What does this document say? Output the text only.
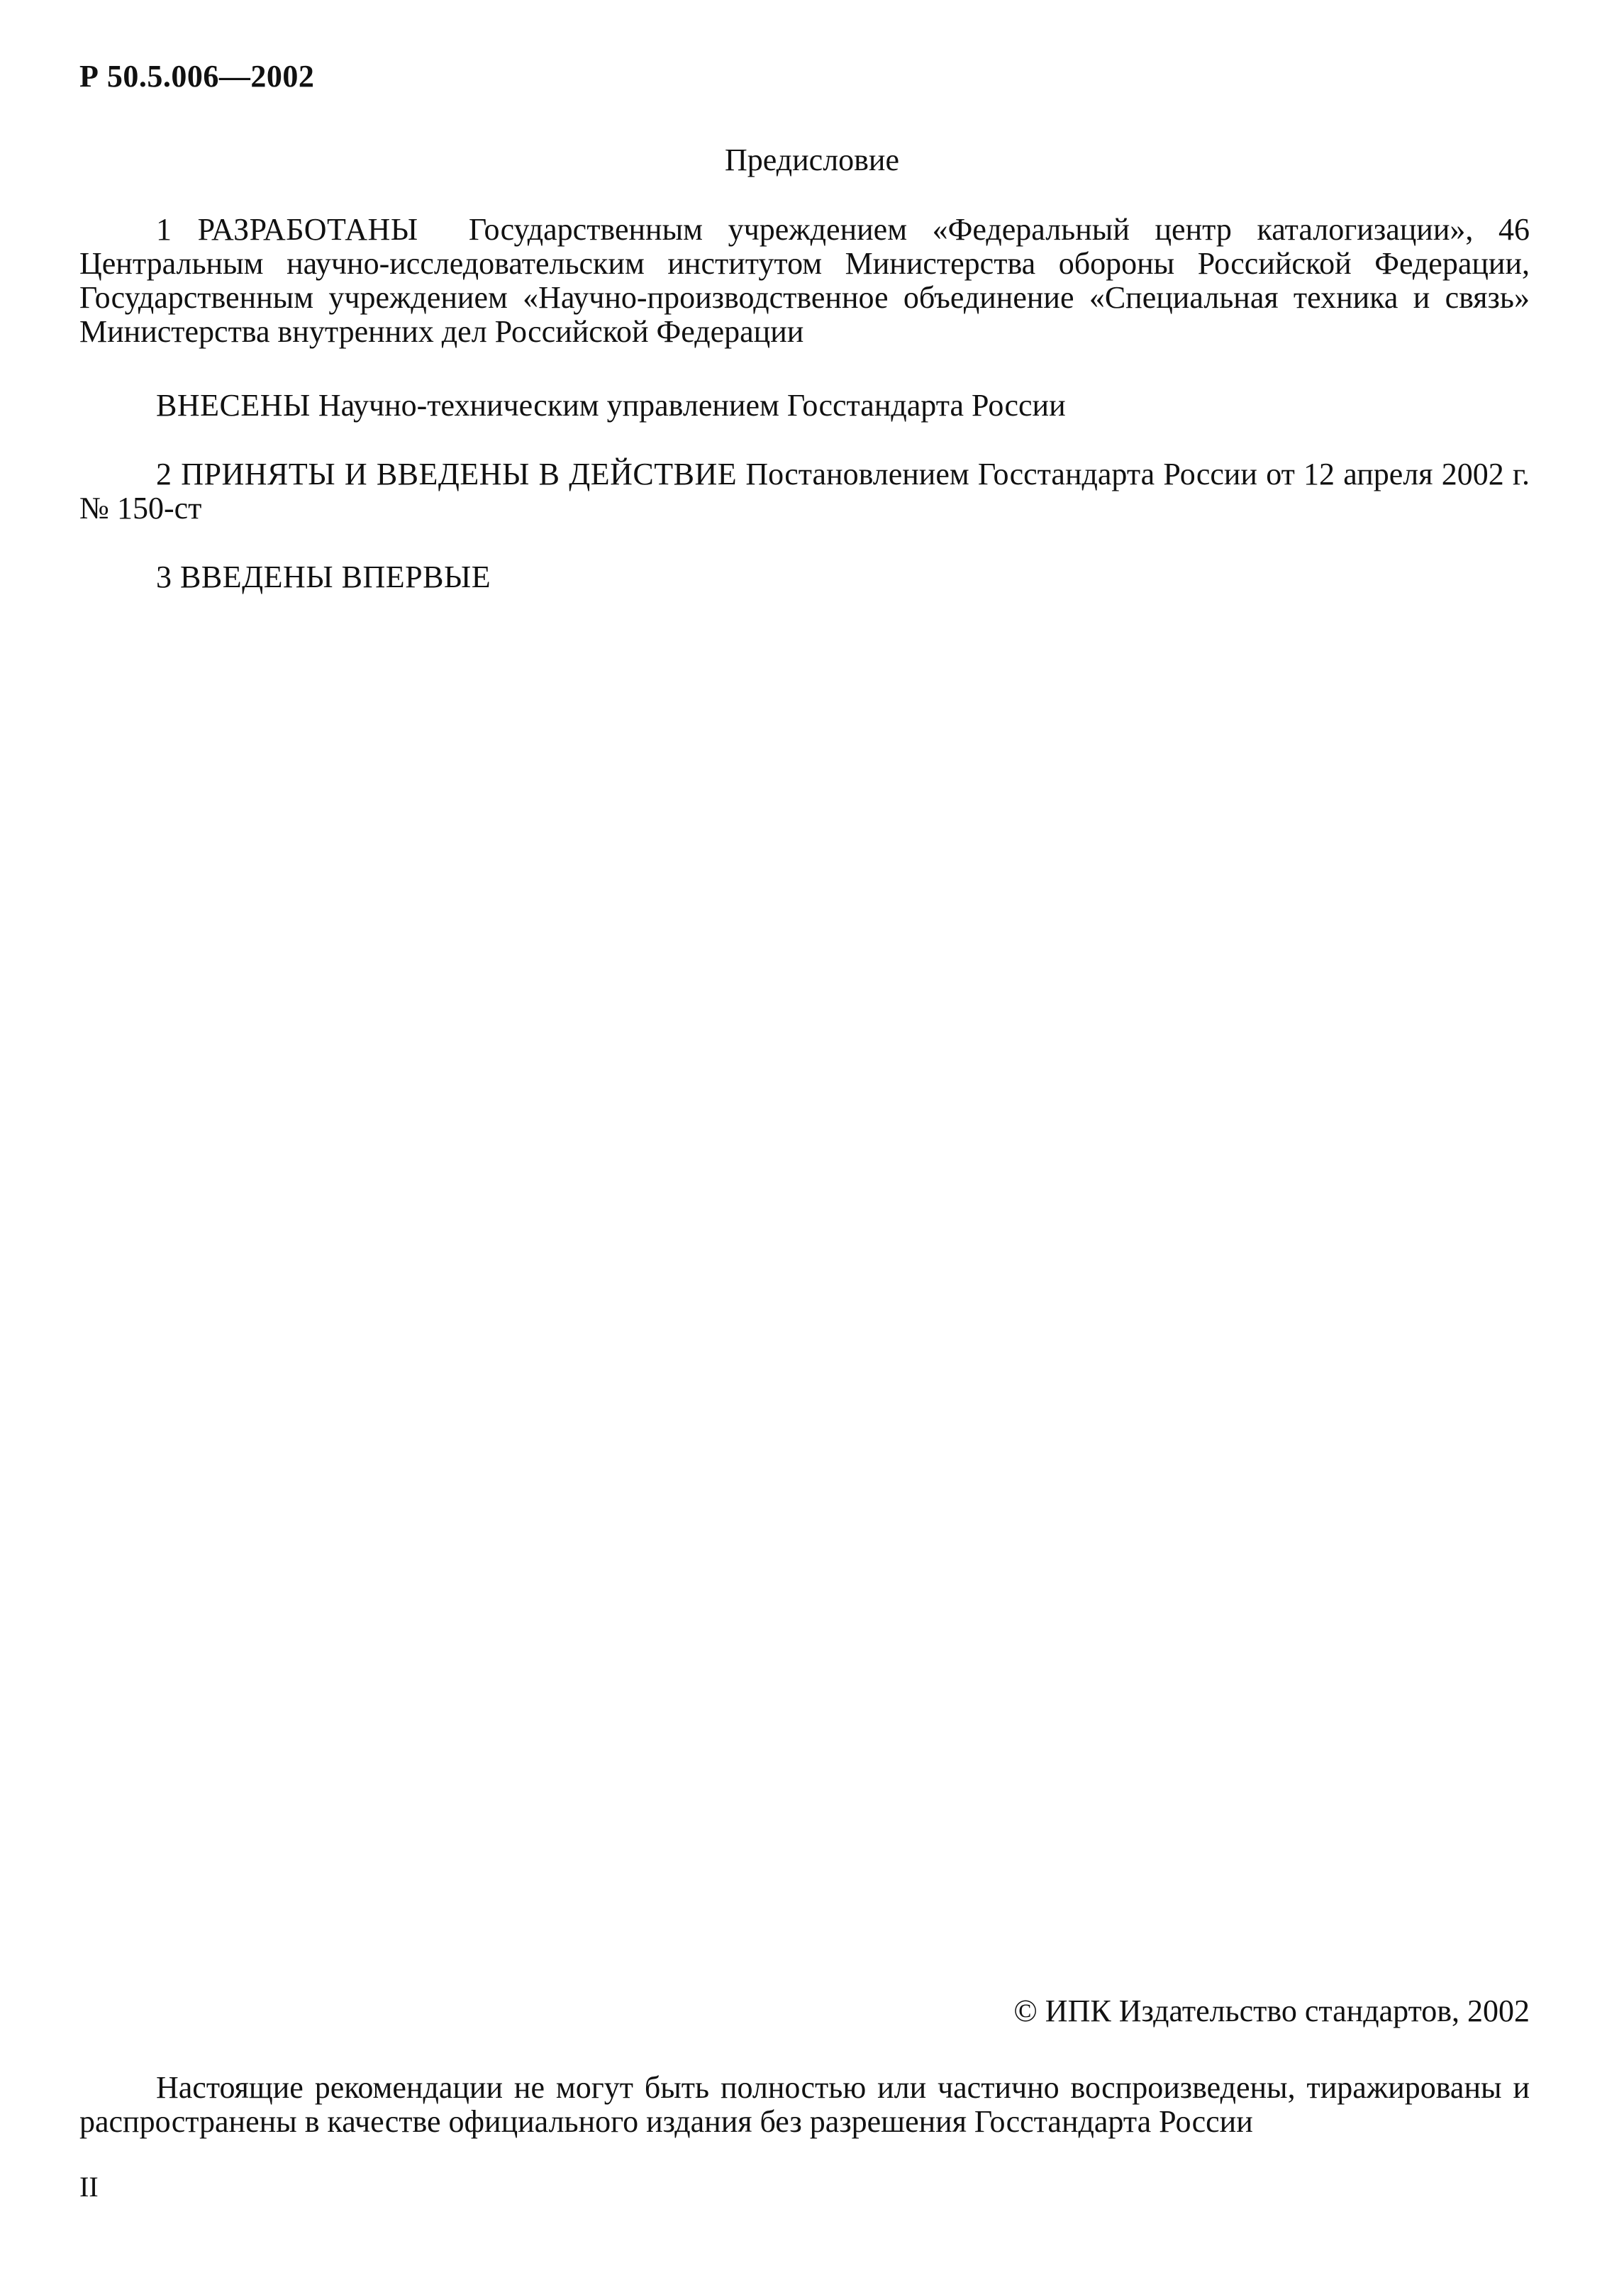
Р 50.5.006—2002
Предисловие
1 РАЗРАБОТАНЫ Государственным учреждением «Федеральный центр каталогизации», 46 Центральным научно-исследовательским институтом Министерства обороны Российской Федерации, Государственным учреждением «Научно-производственное объединение «Специальная техника и связь» Министерства внутренних дел Российской Федерации
ВНЕСЕНЫ Научно-техническим управлением Госстандарта России
2 ПРИНЯТЫ И ВВЕДЕНЫ В ДЕЙСТВИЕ Постановлением Госстандарта России от 12 апреля 2002 г. № 150-ст
3 ВВЕДЕНЫ ВПЕРВЫЕ
© ИПК Издательство стандартов, 2002
Настоящие рекомендации не могут быть полностью или частично воспроизведены, тиражированы и распространены в качестве официального издания без разрешения Госстандарта России
II
